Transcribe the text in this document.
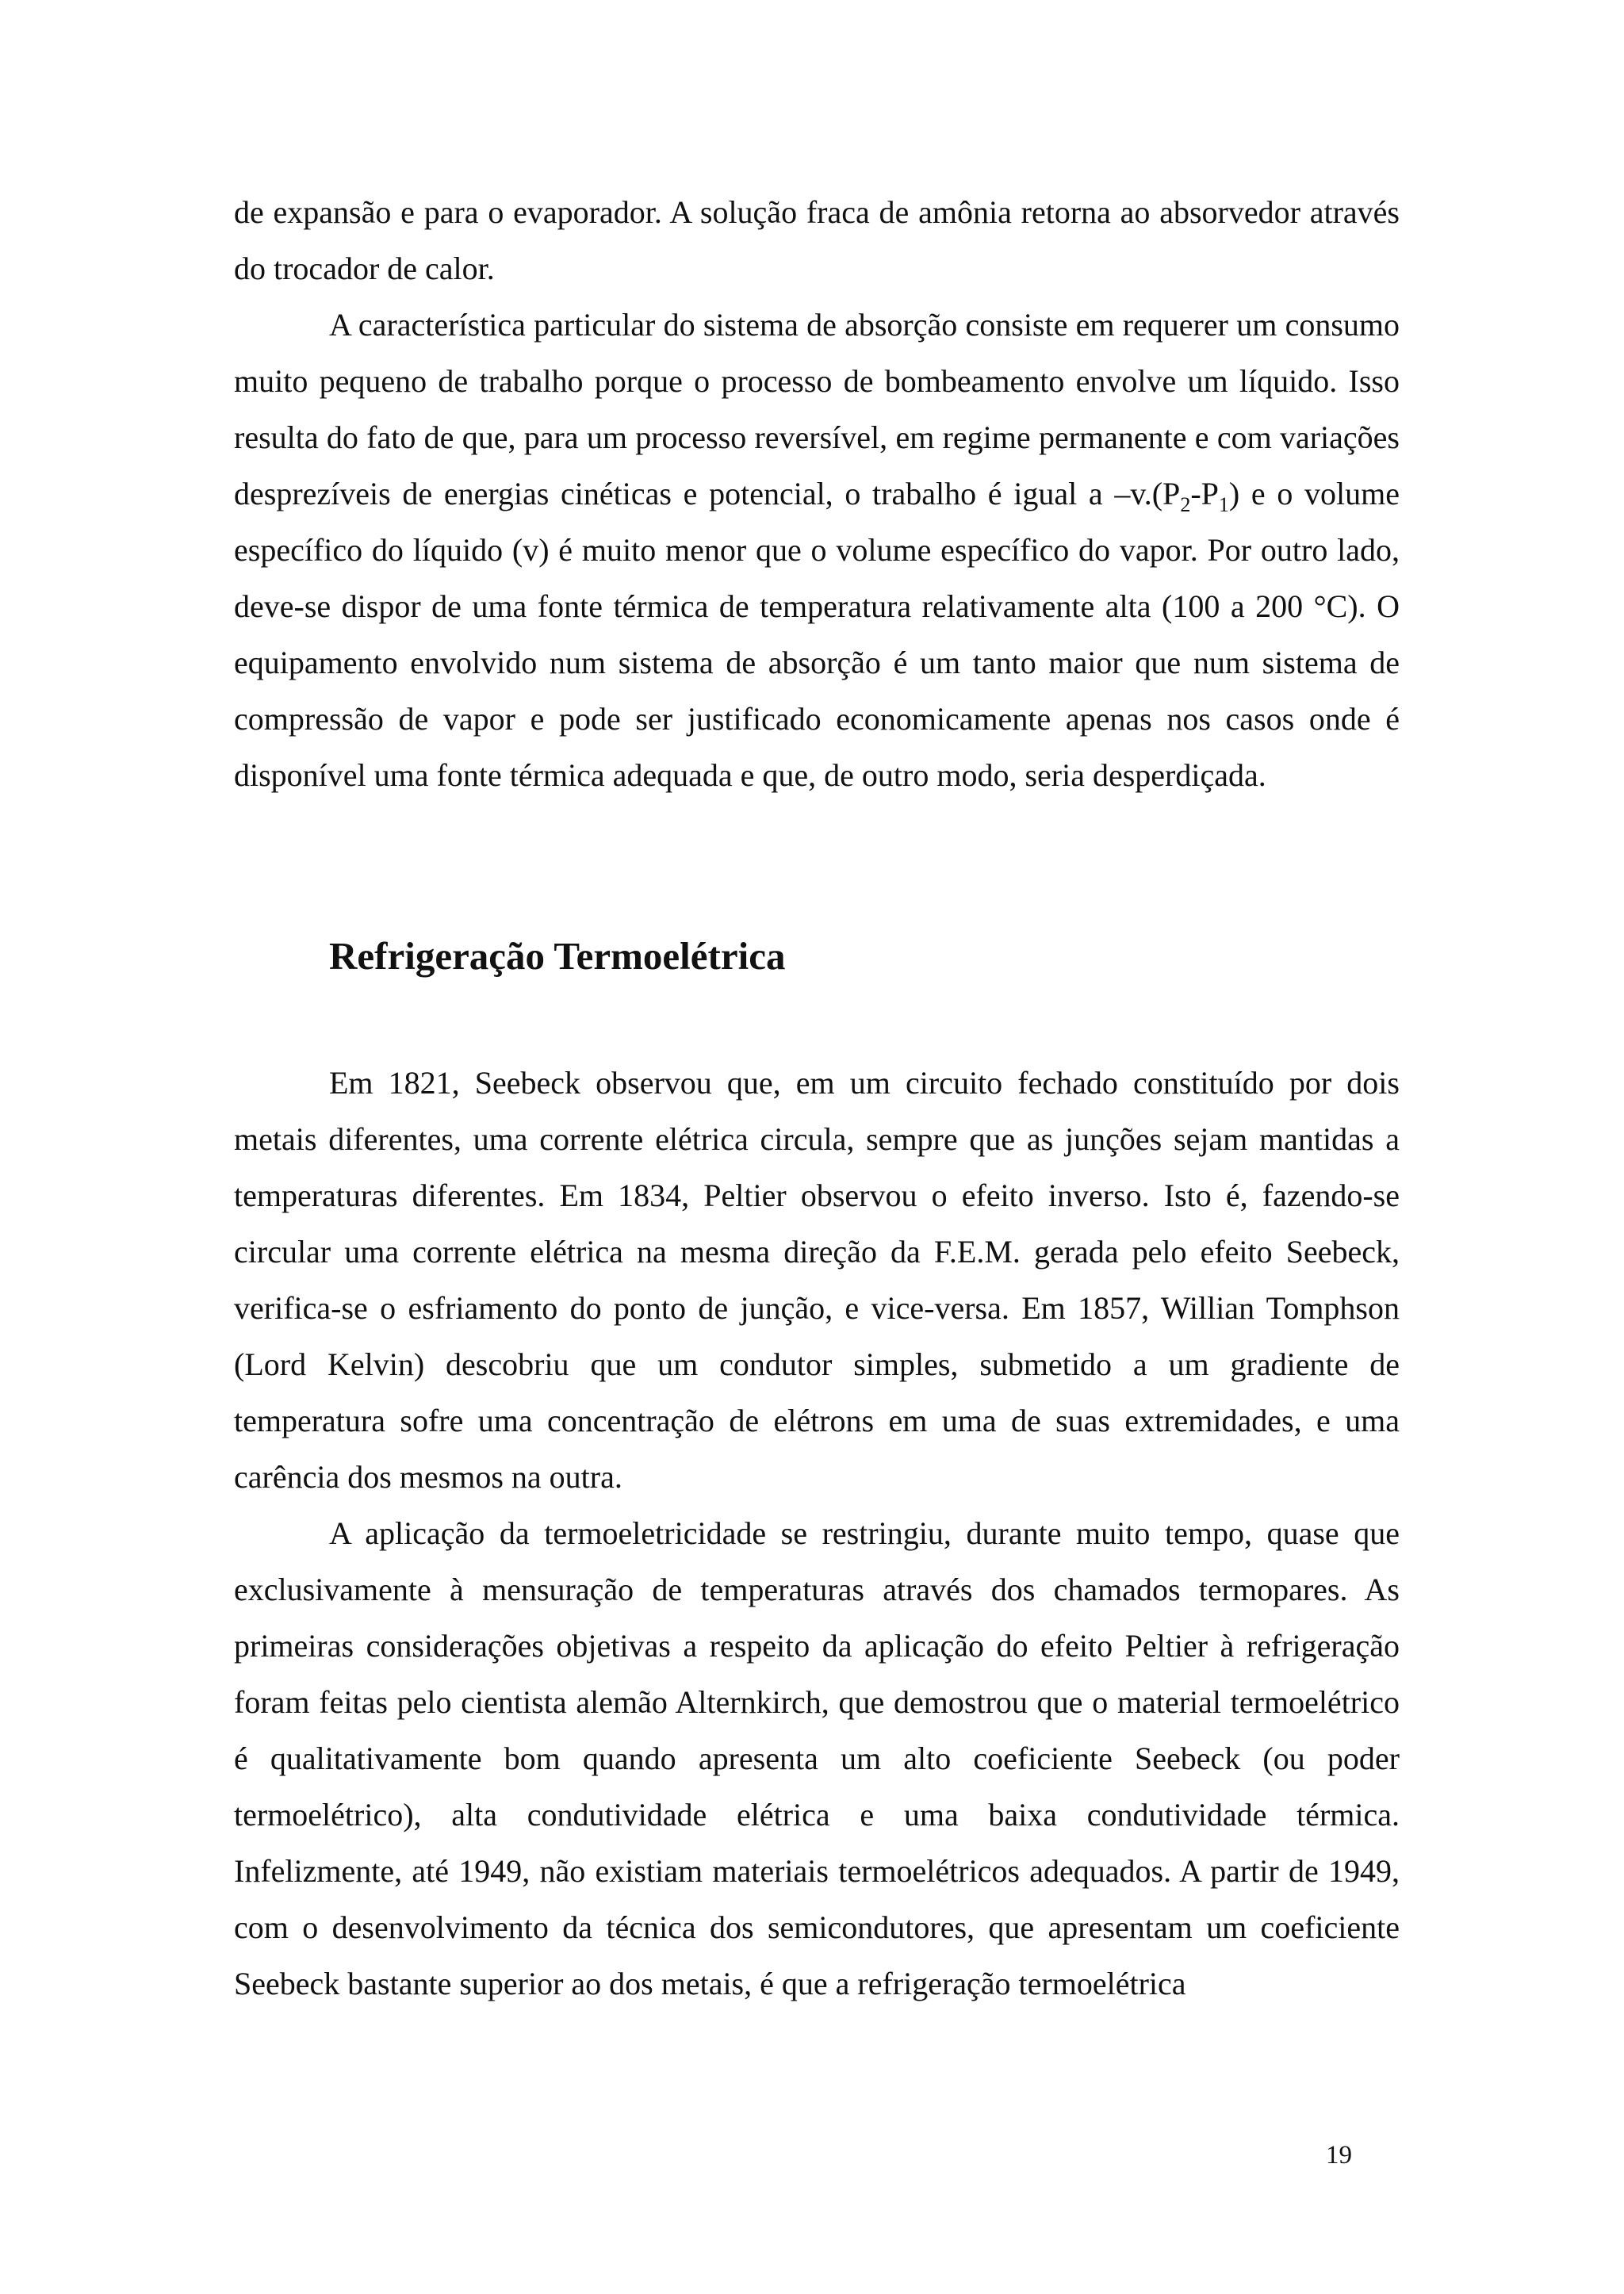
de expansão e para o evaporador. A solução fraca de amônia retorna ao absorvedor através do trocador de calor.

A característica particular do sistema de absorção consiste em requerer um consumo muito pequeno de trabalho porque o processo de bombeamento envolve um líquido. Isso resulta do fato de que, para um processo reversível, em regime permanente e com variações desprezíveis de energias cinéticas e potencial, o trabalho é igual a $-v.(P_2-P_1)$ e o volume específico do líquido (v) é muito menor que o volume específico do vapor. Por outro lado, deve-se dispor de uma fonte térmica de temperatura relativamente alta (100 a 200 °C). O equipamento envolvido num sistema de absorção é um tanto maior que num sistema de compressão de vapor e pode ser justificado economicamente apenas nos casos onde é disponível uma fonte térmica adequada e que, de outro modo, seria desperdiçada.

Refrigeração Termoelétrica

Em 1821, Seebeck observou que, em um circuito fechado constituído por dois metais diferentes, uma corrente elétrica circula, sempre que as junções sejam mantidas a temperaturas diferentes. Em 1834, Peltier observou o efeito inverso. Isto é, fazendo-se circular uma corrente elétrica na mesma direção da F.E.M. gerada pelo efeito Seebeck, verifica-se o esfriamento do ponto de junção, e vice-versa. Em 1857, Willian Tomphson (Lord Kelvin) descobriu que um condutor simples, submetido a um gradiente de temperatura sofre uma concentração de elétrons em uma de suas extremidades, e uma carência dos mesmos na outra.

A aplicação da termoeletricidade se restringiu, durante muito tempo, quase que exclusivamente à mensuração de temperaturas através dos chamados termopares. As primeiras considerações objetivas a respeito da aplicação do efeito Peltier à refrigeração foram feitas pelo cientista alemão Alternkirch, que demostrou que o material termoelétrico é qualitativamente bom quando apresenta um alto coeficiente Seebeck (ou poder termoelétrico), alta condutividade elétrica e uma baixa condutividade térmica. Infelizmente, até 1949, não existiam materiais termoelétricos adequados. A partir de 1949, com o desenvolvimento da técnica dos semicondutores, que apresentam um coeficiente Seebeck bastante superior ao dos metais, é que a refrigeração termoelétrica

19
